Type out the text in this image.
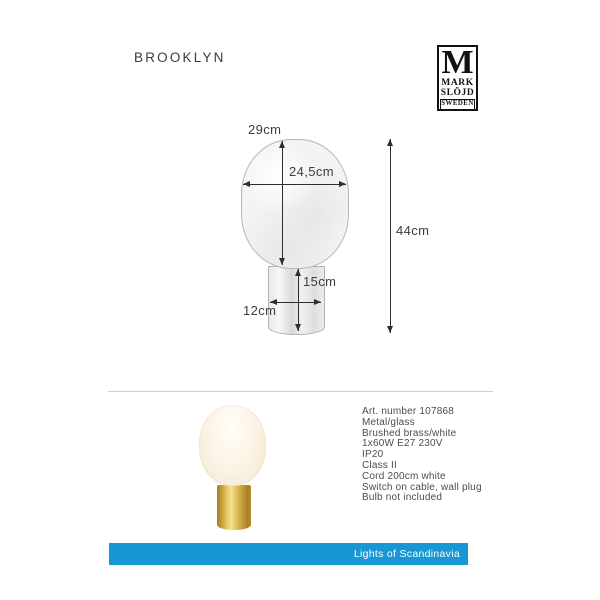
BROOKLYN	M
MARK
SLÖJD
SWEDEN
29cm
24,5cm
44cm
15cm
12cm
Art. number 107868
Metal/glass
Brushed brass/white
1x60W E27 230V
IP20
Class II
Cord 200cm white
Switch on cable, wall plug
Bulb not included
Lights of Scandinavia
